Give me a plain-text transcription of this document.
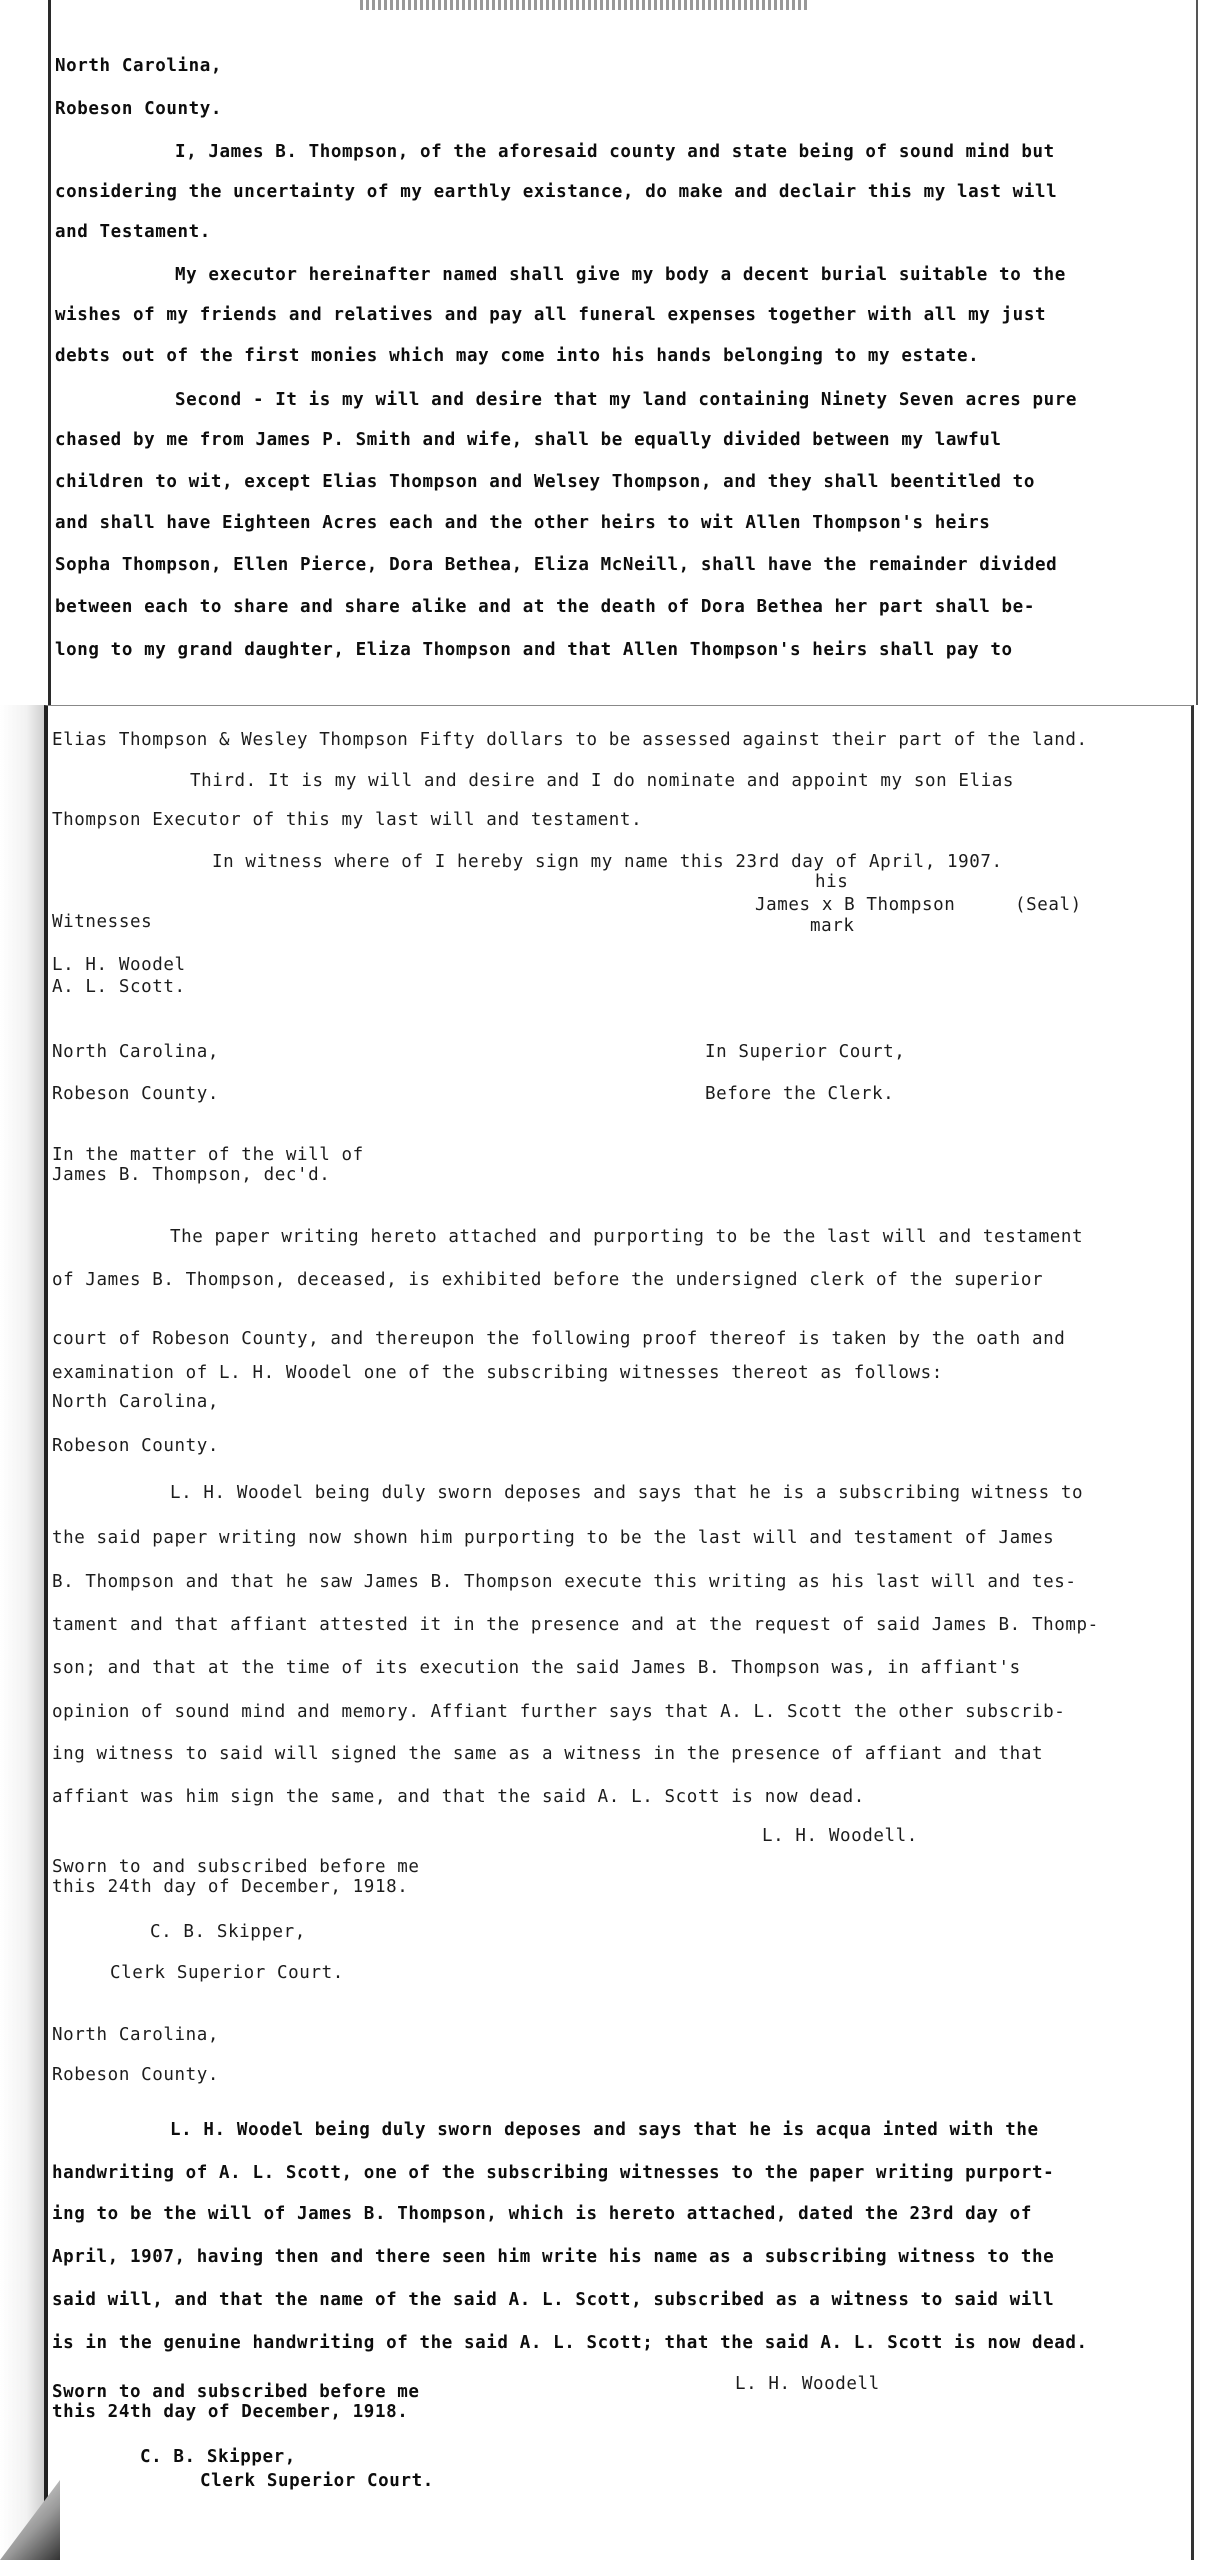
North Carolina,
Robeson County.
I, James B. Thompson, of the aforesaid county and state being of sound mind but
considering the uncertainty of my earthly existance, do make and declair this my last will
and Testament.
My executor hereinafter named shall give my body a decent burial suitable to the
wishes of my friends and relatives and pay all funeral expenses together with all my just
debts out of the first monies which may come into his hands belonging to my estate.
Second - It is my will and desire that my land containing Ninety Seven acres pure
chased by me from James P. Smith and wife, shall be equally divided between my lawful
children to wit, except Elias Thompson and Welsey Thompson, and they shall beentitled to
and shall have Eighteen Acres each and the other heirs to wit Allen Thompson's heirs
Sopha Thompson, Ellen Pierce, Dora Bethea, Eliza McNeill, shall have the remainder divided
between each to share and share alike and at the death of Dora Bethea her part shall be-
long to my grand daughter, Eliza Thompson and that Allen Thompson's heirs shall pay to
Elias Thompson & Wesley Thompson Fifty dollars to be assessed against their part of the land.
Third. It is my will and desire and I do nominate and appoint my son Elias
Thompson Executor of this my last will and testament.
In witness where of I hereby sign my name this 23rd day of April, 1907.
his
James x B Thompson	(Seal)
mark
Witnesses
L. H. Woodel
A. L. Scott.
North Carolina,
Robeson County.
In Superior Court,
Before the Clerk.
In the matter of the will of
James B. Thompson, dec'd.
The paper writing hereto attached and purporting to be the last will and testament
of James B. Thompson, deceased, is exhibited before the undersigned clerk of the superior
court of Robeson County, and thereupon the following proof thereof is taken by the oath and
examination of L. H. Woodel one of the subscribing witnesses thereot as follows:
North Carolina,
Robeson County.
L. H. Woodel being duly sworn deposes and says that he is a subscribing witness to
the said paper writing now shown him purporting to be the last will and testament of James
B. Thompson and that he saw James B. Thompson execute this writing as his last will and tes-
tament and that affiant attested it in the presence and at the request of said James B. Thomp-
son; and that at the time of its execution the said James B. Thompson was, in affiant's
opinion of sound mind and memory. Affiant further says that A. L. Scott the other subscrib-
ing witness to said will signed the same as a witness in the presence of affiant and that
affiant was him sign the same, and that the said A. L. Scott is now dead.
L. H. Woodell.
Sworn to and subscribed before me
this 24th day of December, 1918.
C. B. Skipper,
Clerk Superior Court.
North Carolina,
Robeson County.
L. H. Woodel being duly sworn deposes and says that he is acqua inted with the
handwriting of A. L. Scott, one of the subscribing witnesses to the paper writing purport-
ing to be the will of James B. Thompson, which is hereto attached, dated the 23rd day of
April, 1907, having then and there seen him write his name as a subscribing witness to the
said will, and that the name of the said A. L. Scott, subscribed as a witness to said will
is in the genuine handwriting of the said A. L. Scott; that the said A. L. Scott is now dead.
L. H. Woodell
Sworn to and subscribed before me
this 24th day of December, 1918.
C. B. Skipper,
Clerk Superior Court.
